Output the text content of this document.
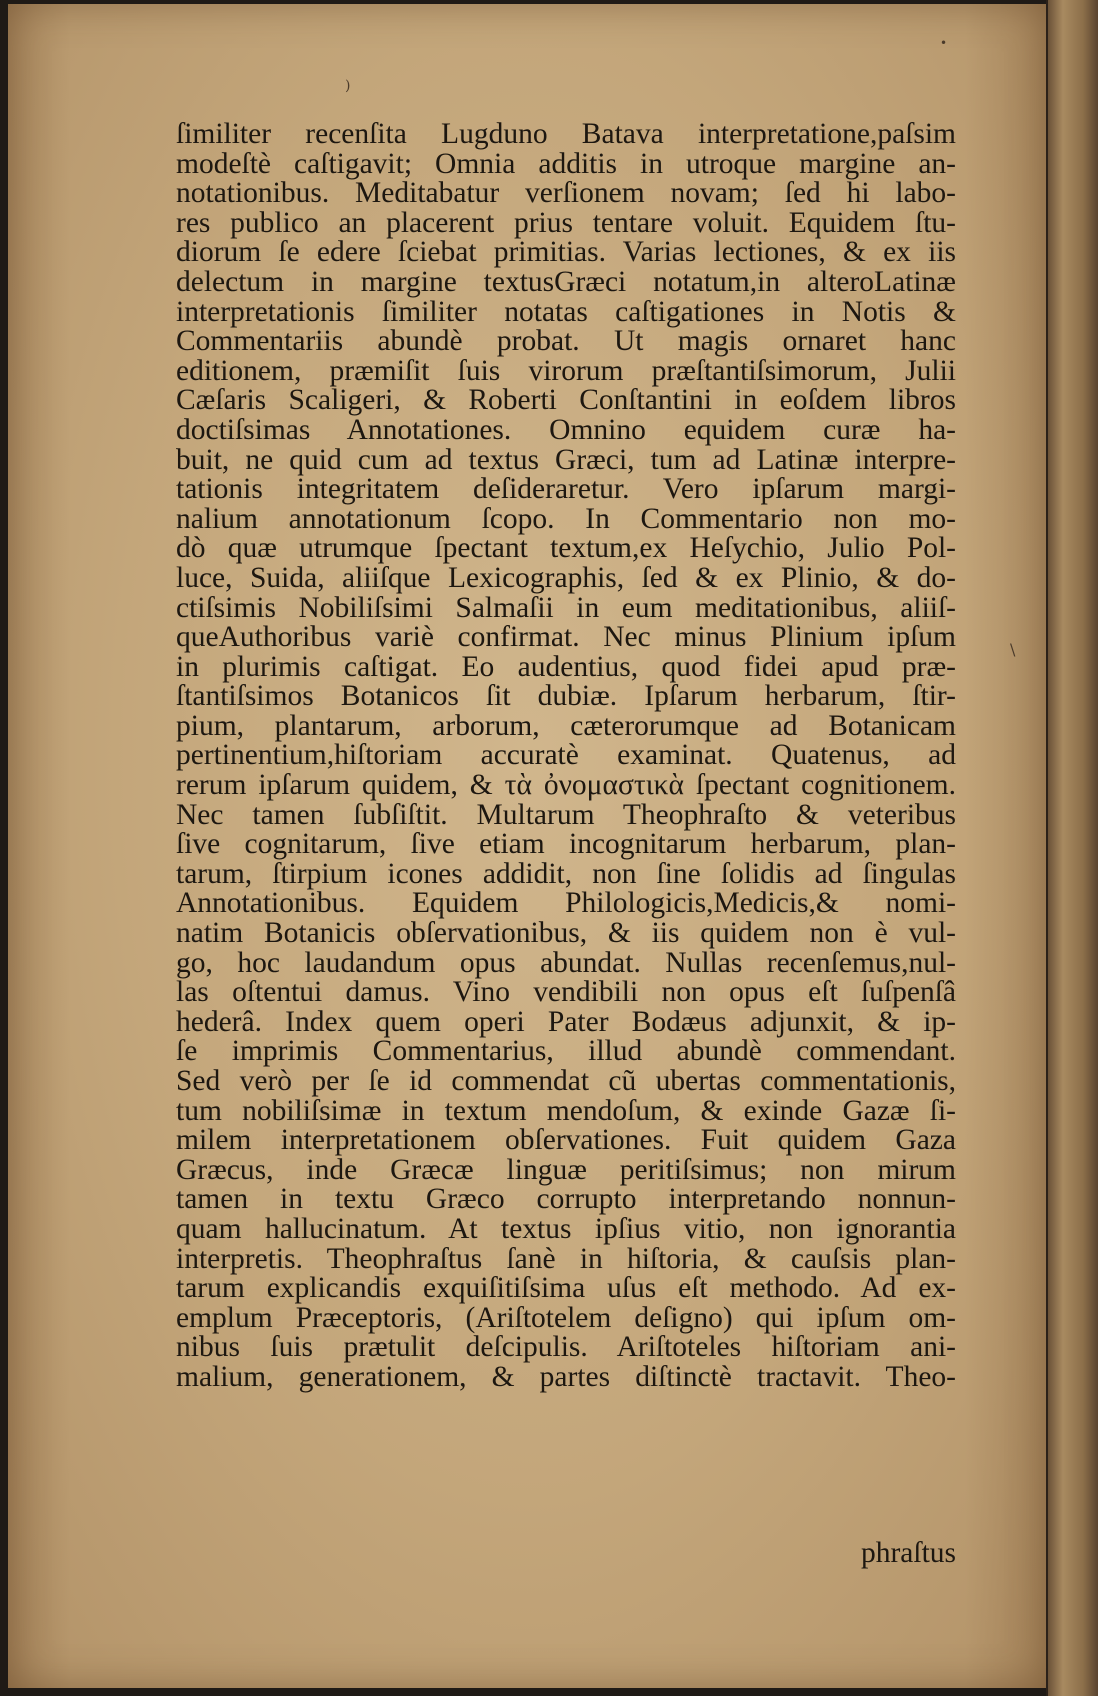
•
)
\
ſimiliter recenſita Lugduno Batava interpretatione,paſsim
modeſtè caſtigavit; Omnia additis in utroque margine an-
notationibus. Meditabatur verſionem novam; ſed hi labo-
res publico an placerent prius tentare voluit. Equidem ſtu-
diorum ſe edere ſciebat primitias. Varias lectiones, & ex iis
delectum in margine textusGræci notatum,in alteroLatinæ
interpretationis ſimiliter notatas caſtigationes in Notis &
Commentariis abundè probat. Ut magis ornaret hanc
editionem, præmiſit ſuis virorum præſtantiſsimorum, Julii
Cæſaris Scaligeri, & Roberti Conſtantini in eoſdem libros
doctiſsimas Annotationes. Omnino equidem curæ ha-
buit, ne quid cum ad textus Græci, tum ad Latinæ interpre-
tationis integritatem deſideraretur. Vero ipſarum margi-
nalium annotationum ſcopo. In Commentario non mo-
dò quæ utrumque ſpectant textum,ex Heſychio, Julio Pol-
luce, Suida, aliiſque Lexicographis, ſed & ex Plinio, & do-
ctiſsimis Nobiliſsimi Salmaſii in eum meditationibus, aliiſ-
queAuthoribus variè confirmat. Nec minus Plinium ipſum
in plurimis caſtigat. Eo audentius, quod fidei apud præ-
ſtantiſsimos Botanicos ſit dubiæ. Ipſarum herbarum, ſtir-
pium, plantarum, arborum, cæterorumque ad Botanicam
pertinentium,hiſtoriam accuratè examinat. Quatenus, ad
rerum ipſarum quidem, & τὰ ὀνομαστικὰ ſpectant cognitionem.
Nec tamen ſubſiſtit. Multarum Theophraſto & veteribus
ſive cognitarum, ſive etiam incognitarum herbarum, plan-
tarum, ſtirpium icones addidit, non ſine ſolidis ad ſingulas
Annotationibus. Equidem Philologicis,Medicis,& nomi-
natim Botanicis obſervationibus, & iis quidem non è vul-
go, hoc laudandum opus abundat. Nullas recenſemus,nul-
las oſtentui damus. Vino vendibili non opus eſt ſuſpenſâ
hederâ. Index quem operi Pater Bodæus adjunxit, & ip-
ſe imprimis Commentarius, illud abundè commendant.
Sed verò per ſe id commendat cũ ubertas commentationis,
tum nobiliſsimæ in textum mendoſum, & exinde Gazæ ſi-
milem interpretationem obſervationes. Fuit quidem Gaza
Græcus, inde Græcæ linguæ peritiſsimus; non mirum
tamen in textu Græco corrupto interpretando nonnun-
quam hallucinatum. At textus ipſius vitio, non ignorantia
interpretis. Theophraſtus ſanè in hiſtoria, & cauſsis plan-
tarum explicandis exquiſitiſsima uſus eſt methodo. Ad ex-
emplum Præceptoris, (Ariſtotelem deſigno) qui ipſum om-
nibus ſuis prætulit deſcipulis. Ariſtoteles hiſtoriam ani-
malium, generationem, & partes diſtinctè tractavit. Theo-
phraſtus
